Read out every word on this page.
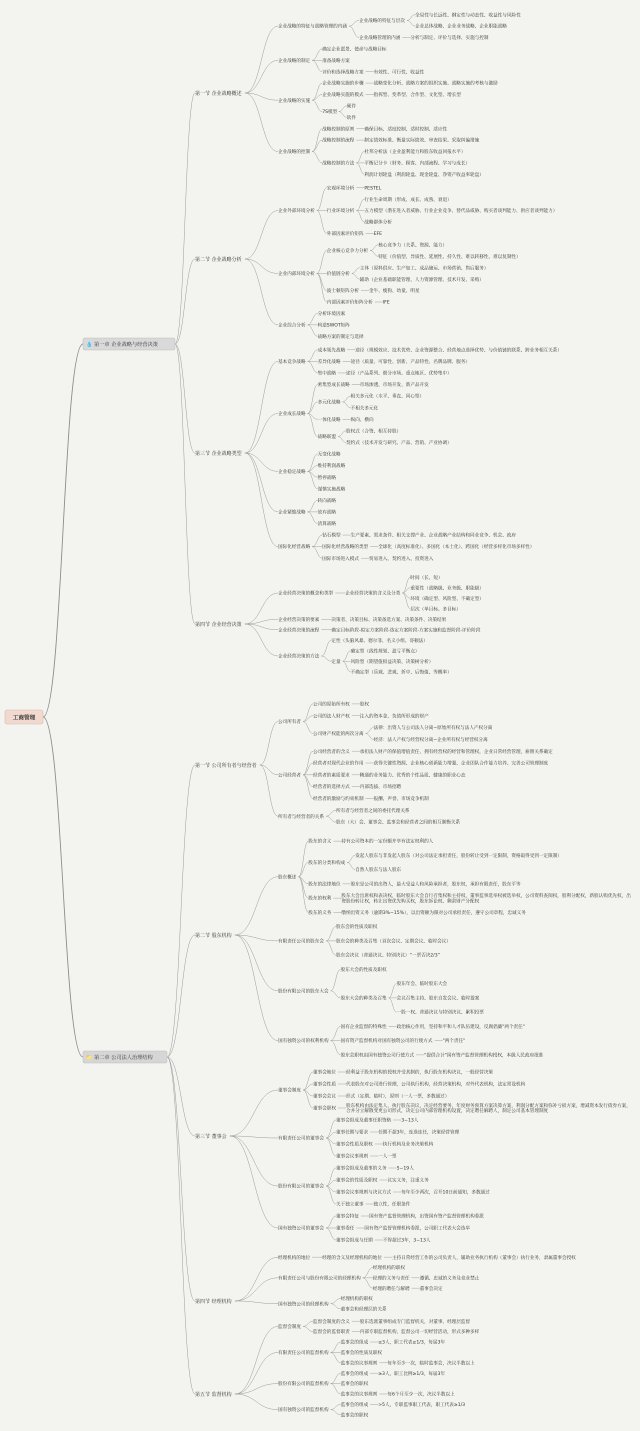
💧 第一章 企业战略与经营决策
第一节 企业战略概述
企业战略的特征与战略管理的内涵
企业战略的特征与层次
全局性与长远性、纲定性与动态性、收益性与风险性
企业总体战略、企业业务战略、企业职能战略
企业战略管理的内涵 分析与制定、评价与选择、实施与控制
企业战略的制定
确定企业愿景、使命与战略目标
准备战略方案
评价和选择战略方案 有效性、可行性、收益性
企业战略的实施
企业战略实施的步骤 战略变化分析、战略方案的组织实施、战略实施的考核与激励
企业战略实施的模式 指挥型、变革型、合作型、文化型、增长型
7S模型
硬件
软件
企业战略的控制
战略控制的原则 确保目标、适度控制、适时控制、适应性
战略控制的流程 制定绩效标准、衡量实际绩效、审查结果、采取纠偏措施
战略控制的方法
杜邦分析法（企业盈利能力和股东收益回报水平）
平衡记分卡（财务、顾客、内部流程、学习与成长）
利润计划轮盘（利润轮盘、现金轮盘、净资产收益率轮盘）
第二节 企业战略分析
企业外部环境分析
宏观环境分析 PESTEL
行业环境分析
行业生命周期（形成、成长、成熟、衰退）
五力模型（潜在进入者威胁、行业企业竞争、替代品威胁、购买者谈判能力、供应者谈判能力）
战略群体分析
外部因素评价矩阵 EFE
企业内部环境分析
企业核心竞争力分析
核心竞争力（关系、资源、能力）
特征（价值型、异质性、延展性、持久性、难以转移性、难以复制性）
价值链分析
主体（原料供应、生产加工、成品储运、市场营销、售后服务）
辅助（企业基础职能管理、人力资源管理、技术开发、采购）
波士顿矩阵分析 金牛、瘦狗、幼童、明星
内部因素评价矩阵分析 IFE
企业综合分析
分析环境因素
构造SWOT矩阵
战略方案的制定与选择
第三节 企业战略类型
基本竞争战略
成本领先战略 途径（规模效应、技术优势、企业资源整合、经营地点选择优势、与价值链的联系、跨业务相互关系）
差异化战略 途径（质量、可靠性、创新、产品特性、名牌品牌、服务）
集中战略 途径（产品系列、细分市场、重点地区、优势集中）
企业成长战略
密集型成长战略 市场渗透、市场开发、新产品开发
多元化战略
相关多元化（水平、垂直、同心型）
不相关多元化
一体化战略 纵向、横向
战略联盟
股权式（合资、相互持股）
契约式（技术开发与研究、产品、营销、产业协调）
企业稳定战略
无变化战略
维持利润战略
暂停战略
谨慎实施战略
企业紧缩战略
转向战略
放弃战略
清算战略
国际化经营战略
钻石模型 生产要素、需求条件、相关支撑产业、企业战略产业结构和同业竞争、机会、政府
国际化经营战略的类型 全球化（高度标准化）、多国化（本土化）、跨国化（经营多样化市场多样性）
国际市场进入模式 贸易进入、契约进入、投资进入
第四节 企业经营决策
企业经营决策的概念和类型	企业经营决策的含义及分类
时间（长、短）
重要性（战略级、业务级、职能级）
环境（确定型、风险型、不确定型）
层次（单目标、多目标）
企业经营决策的要素	决策者、决策目标、决策备选方案、决策条件、决策结果
企业经营决策的流程	确定目标阶段-拟定方案阶段-选定方案阶段-方案实施和监督阶段-评价阶段
企业经营决策的方法
定性（头脑风暴、德尔菲、名义小组、哥顿法）
定量
确定型（线性规划、盈亏平衡点）
风险型（期望值损益决策、决策树分析）
不确定型（乐观、悲观、折中、后悔值、等概率）
📁 第二章 公司法人治理结构
第一节 公司所有者与经营者
公司所有者
公司的原始所有权 股权
公司的法人财产权 注入的资本金、负债所形成的财产
公司财产权能的两次分离
法律：出资人与公司法人分离−原始所有权与法人产权分离
经济：法人产权与经营权分离−企业所有权与经营权分离
公司经营者
公司经营者的含义 承担法人财产的保值增值责任，拥有经营权的经营和管理权，企业日常经营管理，雇佣关系确定
经营者对现代企业的作用 获得关键性资源、企业核心创新能力增强、企业团队合作能力培养、完善公司管理制度
经营者的素质要求 精通的业务能力、优秀的个性品质、健康的职业心态
经营者的选择方式 内部选拔、市场招聘
经营者的激励与约束机制 报酬、声誉、市场竞争机制
所有者与经营者的关系
所有者与经营者之间的委托代理关系
股东（大）会、董事会、监事会和经营者之间的相互制衡关系
第二节 股东机构
股东概述
股东的含义 持有公司资本的一定份额并享有法定权利的人
股东的分类和构成
发起人股东与非发起人股东（对公司法定承担责任，股份转让受到一定限制，资格取得受到一定限制）
自然人股东与法人股东
股东的法律地位 股东是公司的出资人，最大受益人和风险承担者，股东权，承担有限责任，股东平等
股东的权利
股东大会出席权和表决权，临时股东大会自行召集权和主持权，董事监事选举权被选举权，公司资料查阅权，股利分配权，新股认购优先权，出资股份转让权，转让出资优先购买权，股东诉讼权、剩余财产分配权
股东的义务 缴纳出资义务（逾期3%−15%），以出资额为限对公司承担责任，遵守公司章程，忠诚义务
有限责任公司的股东会
股东会的性质及职权
股东会的种类及召集（首次会议、定期会议、临时会议）
股东会决议（普通决议、特别决议）“一票否决2/3”
股份有限公司的股东大会
股东大会的性质及职权
股东大会的种类及召集
股东年会、临时股东大会
会议召集主持、股东自发会议、临时提案
一股一权、普通决议与特别决议、累积投票
国有独资公司的权利机构
国有企业监督的特殊性 政治核心作用，坚持和平和人才队伍建设，反腐倡廉"两个责任"
国有资产监督机构对国有独资公司的行使方式 "两个责任"
股东会职权由国有独资公司行使方式 "提供合计"国有资产监督管理机构授权，本级人民政府批准
第三节 董事会
董事会制度
董事会地位 经利益于股东机构的授权并受其制约，执行股东机构决议，一般经营决策
董事会性质 代表股东对公司进行管理，公司执行机构，经营决策机构，对外代表机构，法定常设机构
董事会会议 形式（定期、临时），原则（一人一票，多数通过）
董事会职权
股东机构由法定集人，执行股东决议，决定经营要务，年度财务预算方案决算方案，利润分配方案和弥补亏损方案，增减资本发行债券方案，合并分立解散变更公司形式，决定公司内部管理机构设置，决定聘任解聘人，制定公司基本管理制度
有限责任公司的董事会
董事会组成及董事任职资格 3−13人
董事任期与要求 任期不超3年，连选连任，决策经营管理
董事会性质及职权 执行机构及业务决策机构
董事会议事规则 一人一票
股份有限公司的董事会
董事会组成及董事的义务 5−19人
董事会的性质及职权 议实义务，注重义务
董事会议事规则与决议方式 每年至少两次，召开10日前通知，多数通过
关于独立董事 独立性，任职条件
国有独资公司的董事会
董事会特征 国有资产监督管理机构，出资国有资产监督管理机构委派
董事委任 国有资产监督管理机构委派，公司职工代表大会选举
董事会组成与任期 不得超过3年，3−13人
第四节 经理机构
经理机构的地位	经理的含义及经理机构的地位 主持日常经营工作的公司负责人，辅助业务执行机构（董事会）执行业务，隶属董事会授权
有限责任公司与股份有限公司的经理机构
经理机构的职权
经理的义务与责任 遵循、忠诚的义务及竞业禁止
经理的聘任与解聘 董事会决定
国有独资公司的经理机构
经理机构的职权
董事会和经理层的关系
第五节 监督机构
监督会制度
监督会制度的含义 股东选派董事组成专门监督机关，对董事、经理层监督
监督会的监督职责 内部专职监督机构，监督公司一切经营活动，形式多种多样
有限责任公司的监督机构
监事会的组成 ≥3人，职工代表≥1/3，每届3年
监事会的性质及职权
监事会的议事规则 每年至少一次，临时监事会，决议半数以上
股份有限公司的监督机构
监事会的组成 ≥3人，职工比例≥1/3，每届3年
监事会的职权
监事会的议事规则 每6个月至少一次，决议半数以上
国有独资公司的监督机构
监事会的组成 >5人，专职监事职工代表，职工代表≥1/3
监事会的职权
工商管理
